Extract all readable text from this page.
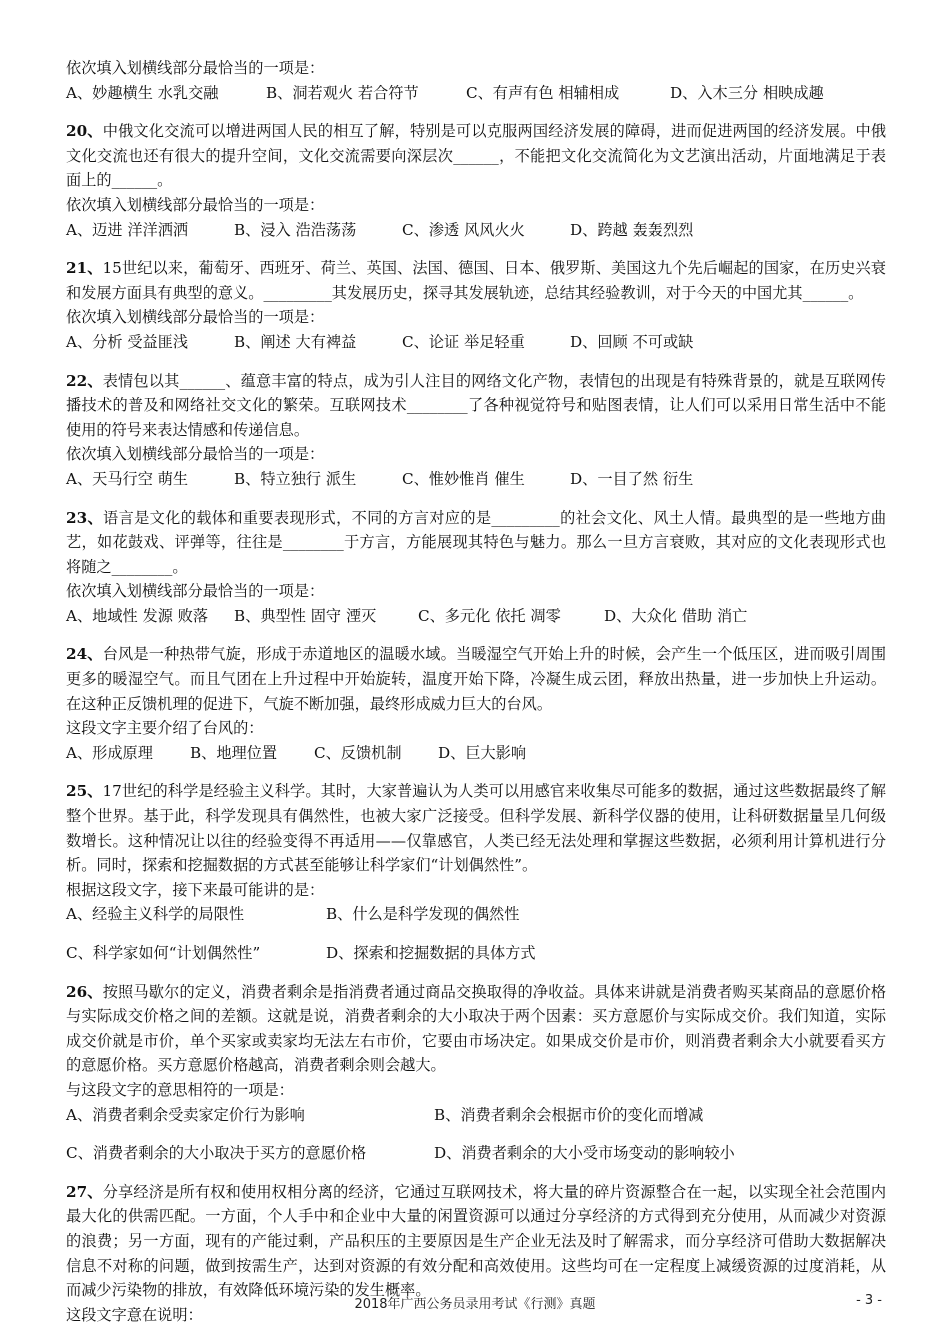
依次填入划横线部分最恰当的一项是：

A、妙趣横生 水乳交融	B、洞若观火 若合符节	C、有声有色 相辅相成	D、入木三分 相映成趣

20、中俄文化交流可以增进两国人民的相互了解，特别是可以克服两国经济发展的障碍，进而促进两国的经济发展。中俄文化交流也还有很大的提升空间，文化交流需要向深层次______，不能把文化交流简化为文艺演出活动，片面地满足于表面上的______。

依次填入划横线部分最恰当的一项是：

A、迈进 洋洋洒洒	B、浸入 浩浩荡荡	C、渗透 风风火火	D、跨越 轰轰烈烈

21、15世纪以来，葡萄牙、西班牙、荷兰、英国、法国、德国、日本、俄罗斯、美国这九个先后崛起的国家，在历史兴衰和发展方面具有典型的意义。_________其发展历史，探寻其发展轨迹，总结其经验教训，对于今天的中国尤其______。

依次填入划横线部分最恰当的一项是：

A、分析 受益匪浅	B、阐述 大有裨益	C、论证 举足轻重	D、回顾 不可或缺

22、表情包以其______、蕴意丰富的特点，成为引人注目的网络文化产物，表情包的出现是有特殊背景的，就是互联网传播技术的普及和网络社交文化的繁荣。互联网技术________了各种视觉符号和贴图表情，让人们可以采用日常生活中不能使用的符号来表达情感和传递信息。

依次填入划横线部分最恰当的一项是：

A、天马行空 萌生	B、特立独行 派生	C、惟妙惟肖 催生	D、一目了然 衍生

23、语言是文化的载体和重要表现形式，不同的方言对应的是_________的社会文化、风土人情。最典型的是一些地方曲艺，如花鼓戏、评弹等，往往是________于方言，方能展现其特色与魅力。那么一旦方言衰败，其对应的文化表现形式也将随之________。

依次填入划横线部分最恰当的一项是：

A、地域性 发源 败落	B、典型性 固守 湮灭	C、多元化 依托 凋零	D、大众化 借助 消亡

24、台风是一种热带气旋，形成于赤道地区的温暖水域。当暖湿空气开始上升的时候，会产生一个低压区，进而吸引周围更多的暖湿空气。而且气团在上升过程中开始旋转，温度开始下降，冷凝生成云团，释放出热量，进一步加快上升运动。在这种正反馈机理的促进下，气旋不断加强，最终形成威力巨大的台风。

这段文字主要介绍了台风的：

A、形成原理	B、地理位置	C、反馈机制	D、巨大影响

25、17世纪的科学是经验主义科学。其时，大家普遍认为人类可以用感官来收集尽可能多的数据，通过这些数据最终了解整个世界。基于此，科学发现具有偶然性，也被大家广泛接受。但科学发展、新科学仪器的使用，让科研数据量呈几何级数增长。这种情况让以往的经验变得不再适用——仅靠感官，人类已经无法处理和掌握这些数据，必须利用计算机进行分析。同时，探索和挖掘数据的方式甚至能够让科学家们“计划偶然性”。

根据这段文字，接下来最可能讲的是：

A、经验主义科学的局限性	B、什么是科学发现的偶然性
C、科学家如何“计划偶然性”	D、探索和挖掘数据的具体方式

26、按照马歇尔的定义，消费者剩余是指消费者通过商品交换取得的净收益。具体来讲就是消费者购买某商品的意愿价格与实际成交价格之间的差额。这就是说，消费者剩余的大小取决于两个因素：买方意愿价与实际成交价。我们知道，实际成交价就是市价，单个买家或卖家均无法左右市价，它要由市场决定。如果成交价是市价，则消费者剩余大小就要看买方的意愿价格。买方意愿价格越高，消费者剩余则会越大。

与这段文字的意思相符的一项是：

A、消费者剩余受卖家定价行为影响	B、消费者剩余会根据市价的变化而增减
C、消费者剩余的大小取决于买方的意愿价格	D、消费者剩余的大小受市场变动的影响较小

27、分享经济是所有权和使用权相分离的经济，它通过互联网技术，将大量的碎片资源整合在一起，以实现全社会范围内最大化的供需匹配。一方面，个人手中和企业中大量的闲置资源可以通过分享经济的方式得到充分使用，从而减少对资源的浪费；另一方面，现有的产能过剩，产品积压的主要原因是生产企业无法及时了解需求，而分享经济可借助大数据解决信息不对称的问题，做到按需生产，达到对资源的有效分配和高效使用。这些均可在一定程度上减缓资源的过度消耗，从而减少污染物的排放，有效降低环境污染的发生概率。

这段文字意在说明：

2018年广西公务员录用考试《行测》真题	- 3 -
